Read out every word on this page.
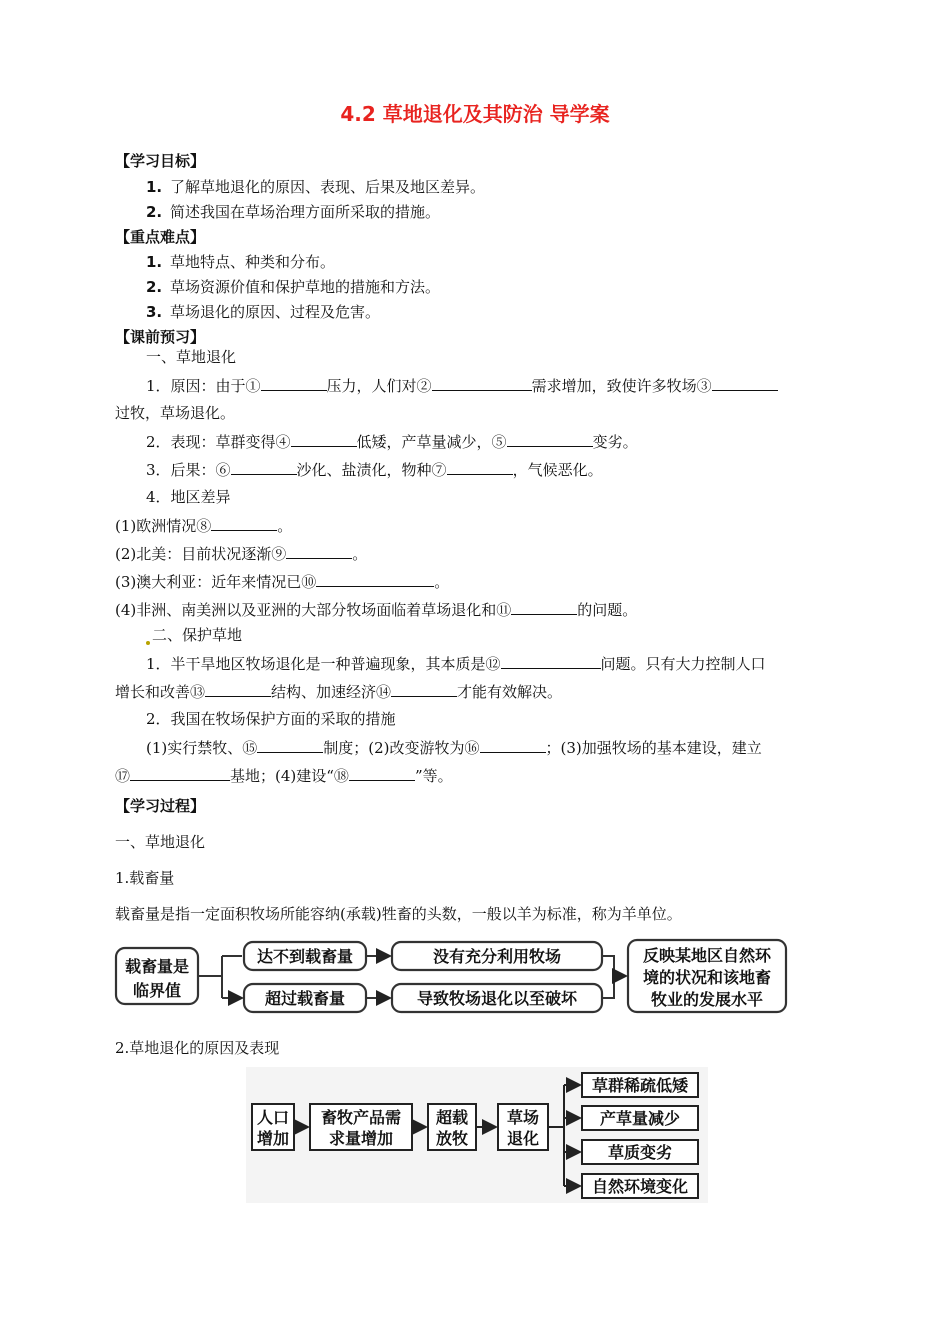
4.2 草地退化及其防治 导学案
【学习目标】
1. 了解草地退化的原因、表现、后果及地区差异。
2. 简述我国在草场治理方面所采取的措施。
【重点难点】
1. 草地特点、种类和分布。
2. 草场资源价值和保护草地的措施和方法。
3. 草场退化的原因、过程及危害。
【课前预习】
一、草地退化
1．原因：由于①	压力，人们对②	需求增加，致使许多牧场③
过牧，草场退化。
2．表现：草群变得④	低矮，产草量减少，⑤	变劣。
3．后果：⑥	沙化、盐渍化，物种⑦	，气候恶化。
4．地区差异
(1)欧洲情况⑧	。
(2)北美：目前状况逐渐⑨	。
(3)澳大利亚：近年来情况已⑩	。
(4)非洲、南美洲以及亚洲的大部分牧场面临着草场退化和⑪	的问题。
二、保护草地
1．半干旱地区牧场退化是一种普遍现象，其本质是⑫	问题。只有大力控制人口
增长和改善⑬	结构、加速经济⑭	才能有效解决。
2．我国在牧场保护方面的采取的措施
(1)实行禁牧、⑮	制度；(2)改变游牧为⑯	；(3)加强牧场的基本建设，建立
⑰	基地；(4)建设“⑱	”等。
【学习过程】
一、草地退化
1.载畜量
载畜量是指一定面积牧场所能容纳(承载)牲畜的头数，一般以羊为标准，称为羊单位。
载畜量是
临界值
达不到载畜量
超过载畜量
没有充分利用牧场
导致牧场退化以至破坏
反映某地区自然环
境的状况和该地畜
牧业的发展水平
2.草地退化的原因及表现
人口
增加
畜牧产品需
求量增加
超载
放牧
草场
退化
草群稀疏低矮
产草量减少
草质变劣
自然环境变化
